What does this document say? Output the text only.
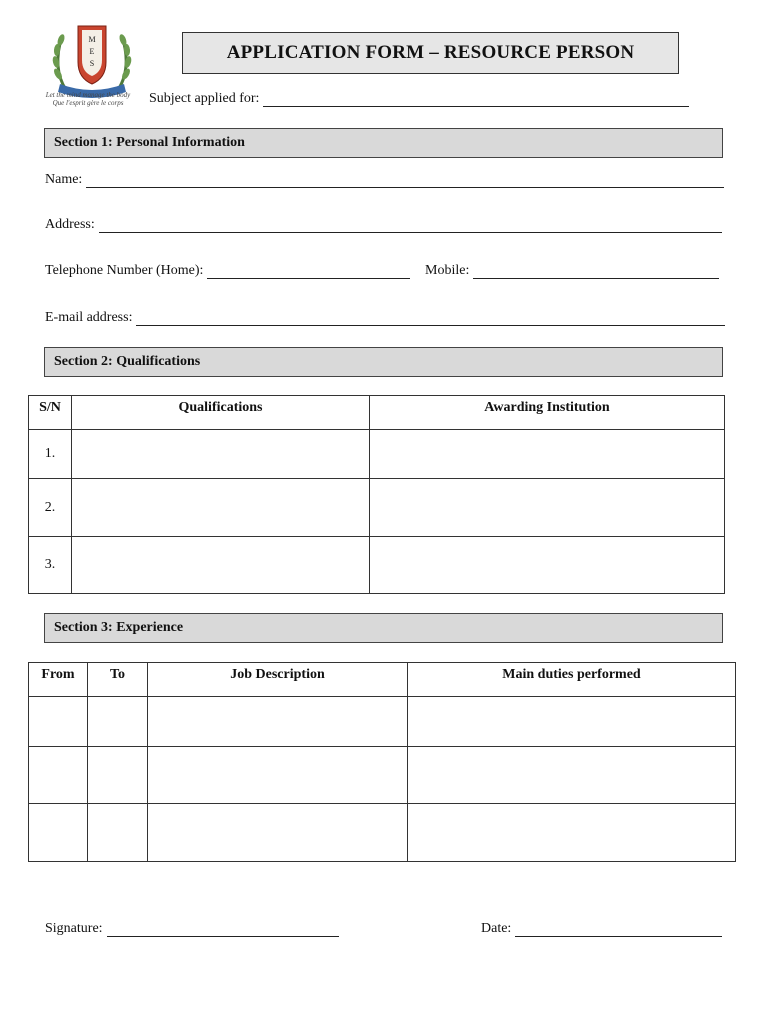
M
E
S
Let the mind manage the body
Que l'esprit gère le corps
APPLICATION FORM – RESOURCE PERSON
Subject applied for:
Section 1: Personal Information
Name:
Address:
Telephone Number (Home):	Mobile:
E-mail address:
Section 2: Qualifications
S/N	Qualifications	Awarding Institution
1.		
2.		
3.		
Section 3: Experience
From	To	Job Description	Main duties performed

Signature:	Date:
